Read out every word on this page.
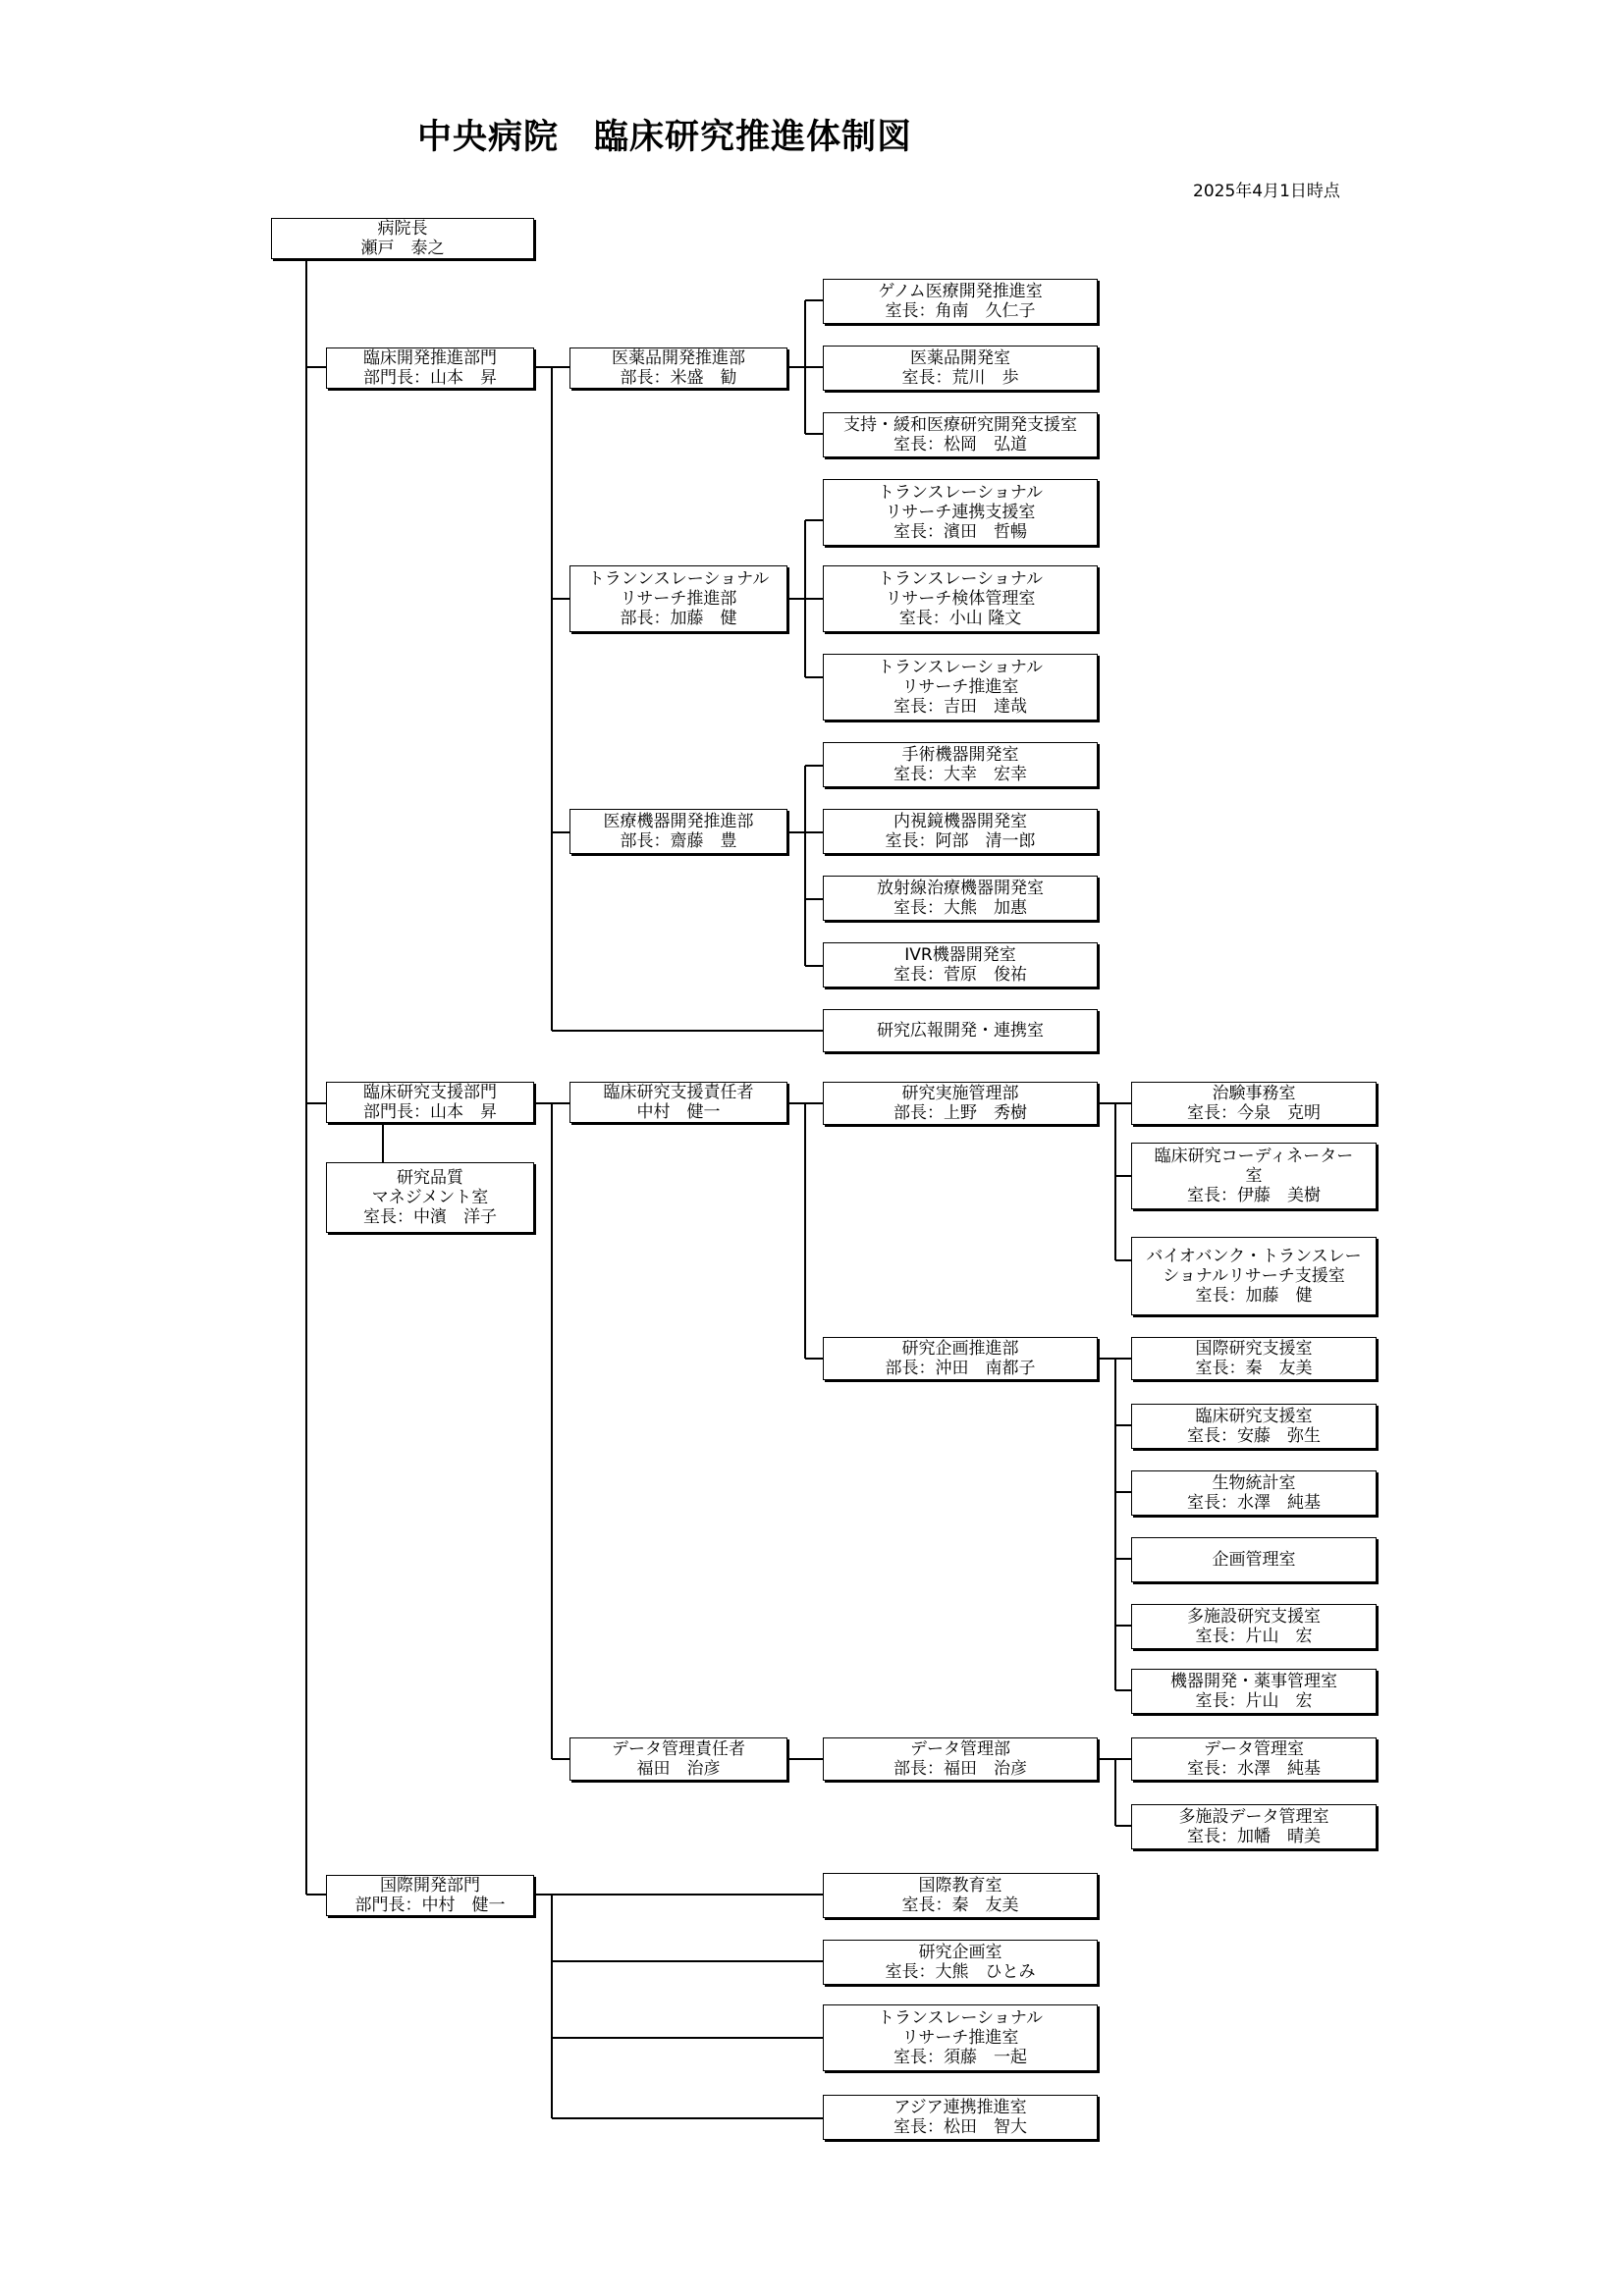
中央病院　臨床研究推進体制図
2025年4月1日時点
病院長
瀬戸　泰之
臨床開発推進部門
部門長：山本　昇
医薬品開発推進部
部長：米盛　勧
ゲノム医療開発推進室
室長：角南　久仁子
医薬品開発室
室長：荒川　歩
支持・緩和医療研究開発支援室
室長：松岡　弘道
トランンスレーショナル
リサーチ推進部
部長：加藤　健
トランスレーショナル
リサーチ連携支援室
室長：濱田　哲暢
トランスレーショナル
リサーチ検体管理室
室長：小山 隆文
トランスレーショナル
リサーチ推進室
室長：吉田　達哉
医療機器開発推進部
部長：齋藤　豊
手術機器開発室
室長：大幸　宏幸
内視鏡機器開発室
室長：阿部　清一郎
放射線治療機器開発室
室長：大熊　加惠
IVR機器開発室
室長：菅原　俊祐
研究広報開発・連携室
臨床研究支援部門
部門長：山本　昇
研究品質
マネジメント室
室長：中濱　洋子
臨床研究支援責任者
中村　健一
研究実施管理部
部長：上野　秀樹
治験事務室
室長：今泉　克明
臨床研究コーディネーター
室
室長：伊藤　美樹
バイオバンク・トランスレー
ショナルリサーチ支援室
室長：加藤　健
研究企画推進部
部長：沖田　南都子
国際研究支援室
室長：秦　友美
臨床研究支援室
室長：安藤　弥生
生物統計室
室長：水澤　純基
企画管理室
多施設研究支援室
室長：片山　宏
機器開発・薬事管理室
室長：片山　宏
データ管理責任者
福田　治彦
データ管理部
部長：福田　治彦
データ管理室
室長：水澤　純基
多施設データ管理室
室長：加幡　晴美
国際開発部門
部門長：中村　健一
国際教育室
室長：秦　友美
研究企画室
室長：大熊　ひとみ
トランスレーショナル
リサーチ推進室
室長：須藤　一起
アジア連携推進室
室長：松田　智大
